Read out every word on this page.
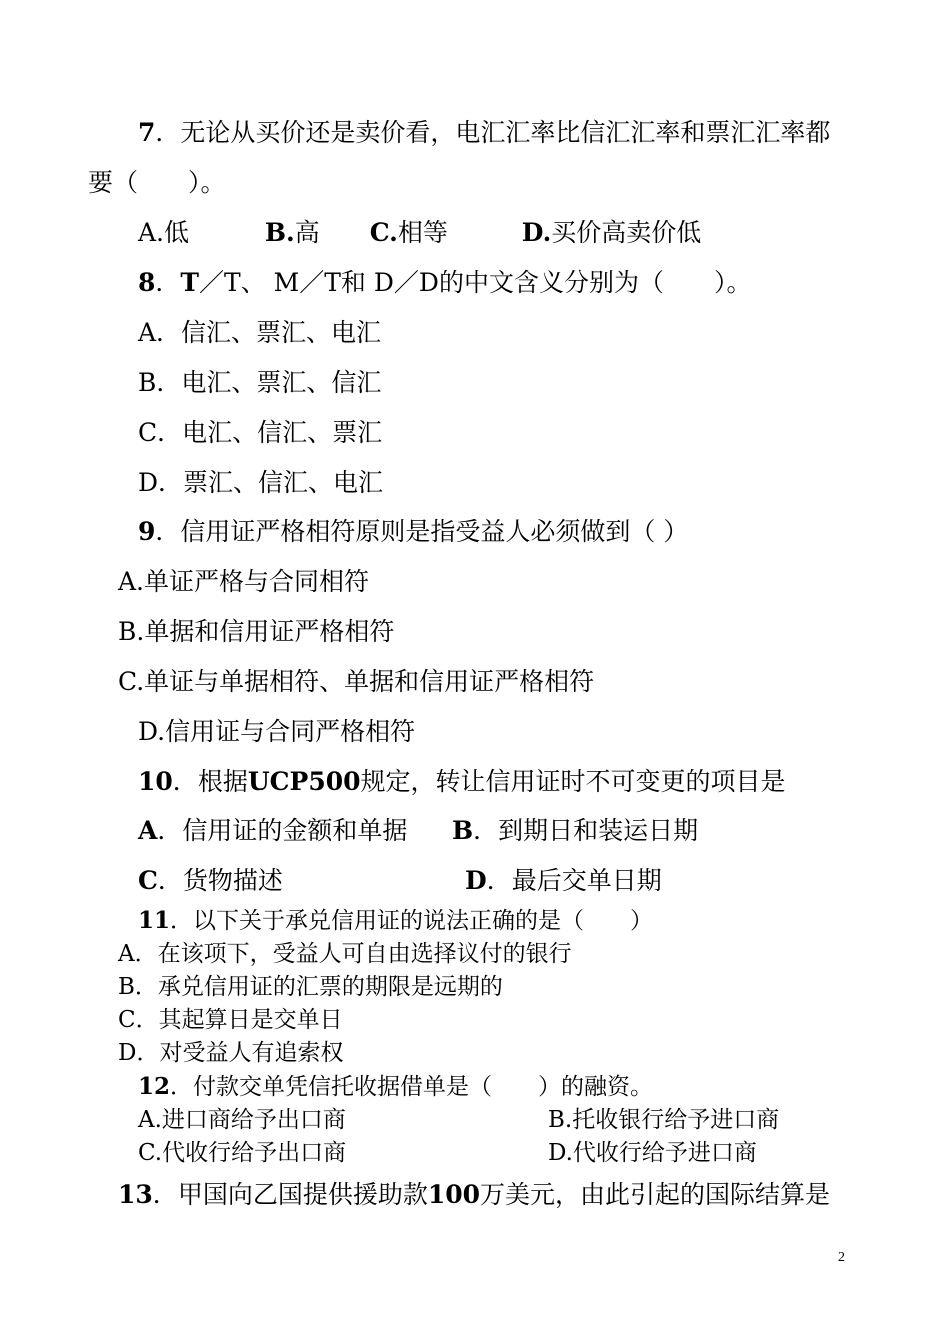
7．无论从买价还是卖价看，电汇汇率比信汇汇率和票汇汇率都
要（　　）。
A.低	B.高 C.相等	D.买价高卖价低
8．T／T、 M／T和 D／D的中文含义分别为（　　）。
A．信汇、票汇、电汇
B．电汇、票汇、信汇
C．电汇、信汇、票汇
D．票汇、信汇、电汇
9．信用证严格相符原则是指受益人必须做到（ ）
A.单证严格与合同相符
B.单据和信用证严格相符
C.单证与单据相符、单据和信用证严格相符
D.信用证与合同严格相符
10．根据UCP500规定，转让信用证时不可变更的项目是
A．信用证的金额和单据 B．到期日和装运日期
C．货物描述	D．最后交单日期
11．以下关于承兑信用证的说法正确的是（　　）
A．在该项下，受益人可自由选择议付的银行
B．承兑信用证的汇票的期限是远期的
C．其起算日是交单日
D．对受益人有追索权
12．付款交单凭信托收据借单是（　　）的融资。
A.进口商给予出口商	B.托收银行给予进口商
C.代收行给予出口商	D.代收行给予进口商
13．甲国向乙国提供援助款100万美元，由此引起的国际结算是
2
